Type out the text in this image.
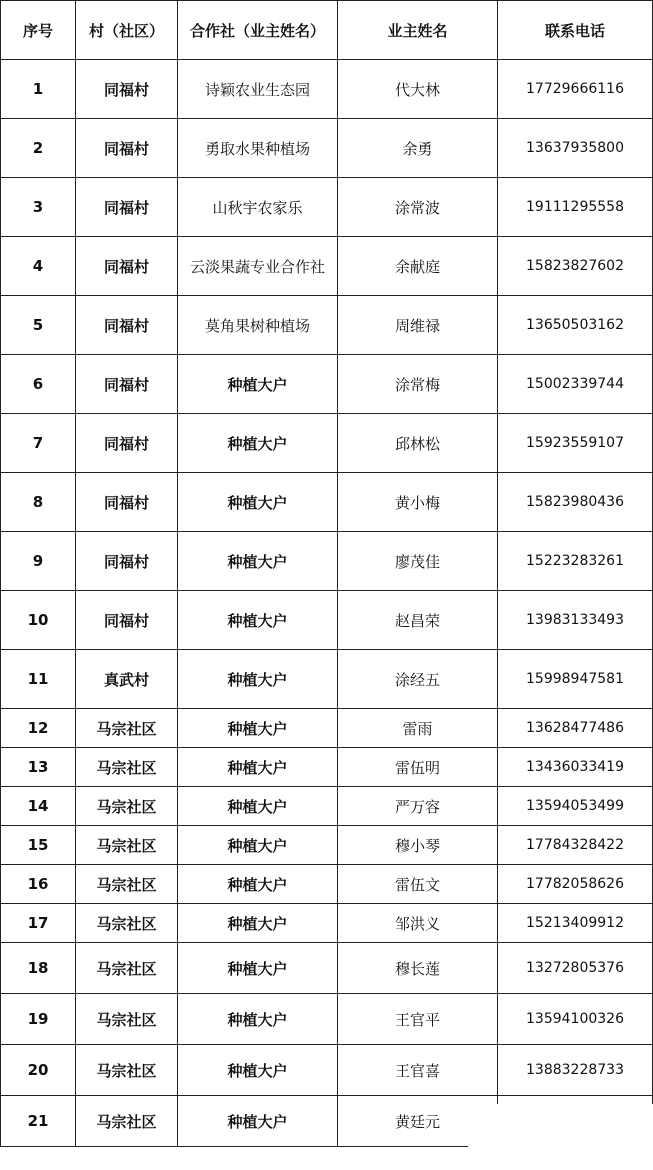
序号	村（社区）	合作社（业主姓名）	业主姓名	联系电话
1	同福村	诗颖农业生态园	代大林	17729666116
2	同福村	勇取水果种植场	余勇	13637935800
3	同福村	山秋宇农家乐	涂常波	19111295558
4	同福村	云淡果蔬专业合作社	余献庭	15823827602
5	同福村	莫角果树种植场	周维禄	13650503162
6	同福村	种植大户	涂常梅	15002339744
7	同福村	种植大户	邱林松	15923559107
8	同福村	种植大户	黄小梅	15823980436
9	同福村	种植大户	廖茂佳	15223283261
10	同福村	种植大户	赵昌荣	13983133493
11	真武村	种植大户	涂经五	15998947581
12	马宗社区	种植大户	雷雨	13628477486
13	马宗社区	种植大户	雷伍明	13436033419
14	马宗社区	种植大户	严万容	13594053499
15	马宗社区	种植大户	穆小琴	17784328422
16	马宗社区	种植大户	雷伍文	17782058626
17	马宗社区	种植大户	邹洪义	15213409912
18	马宗社区	种植大户	穆长莲	13272805376
19	马宗社区	种植大户	王官平	13594100326
20	马宗社区	种植大户	王官喜	13883228733
21	马宗社区	种植大户	黄廷元	
